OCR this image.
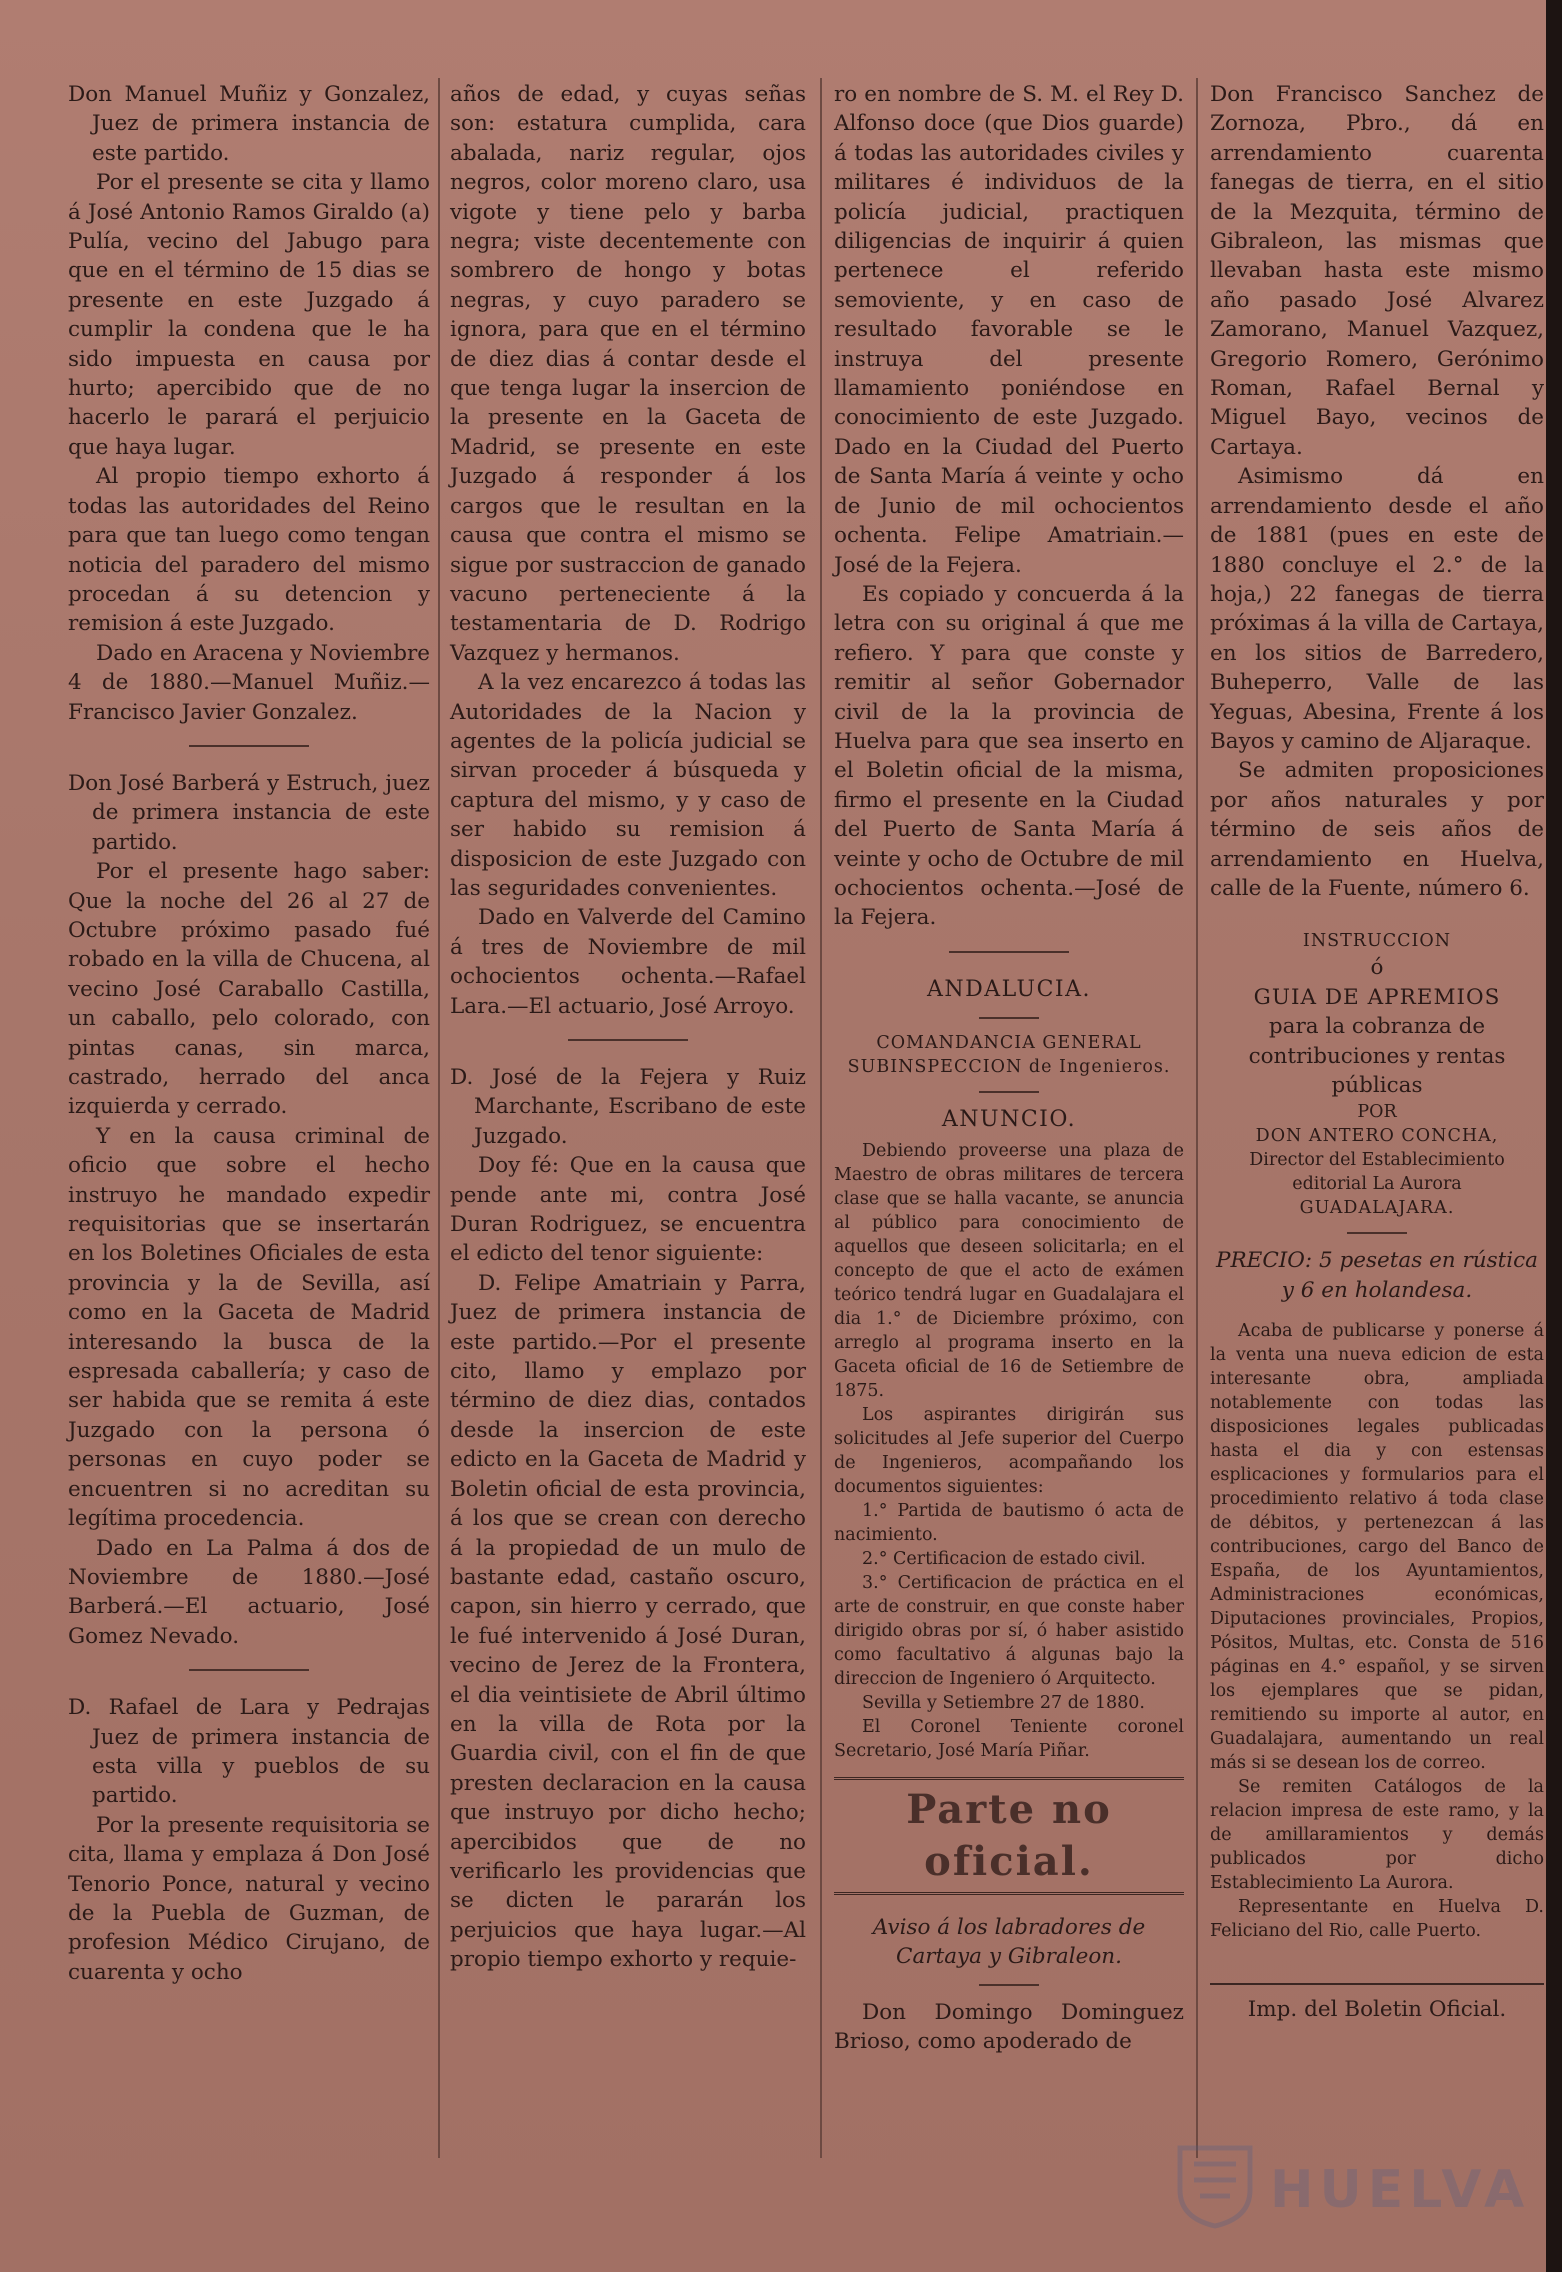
Don Manuel Muñiz y Gonzalez, Juez de primera instancia de este partido.

Por el presente se cita y llamo á José Antonio Ramos Giraldo (a) Pulía, vecino del Jabugo para que en el término de 15 dias se presente en este Juzgado á cumplir la condena que le ha sido impuesta en causa por hurto; apercibido que de no hacerlo le parará el perjuicio que haya lugar.

Al propio tiempo exhorto á todas las autoridades del Reino para que tan luego como tengan noticia del paradero del mismo procedan á su detencion y remision á este Juzgado.

Dado en Aracena y Noviembre 4 de 1880.—Manuel Muñiz.—Francisco Javier Gonzalez.

Don José Barberá y Estruch, juez de primera instancia de este partido.

Por el presente hago saber: Que la noche del 26 al 27 de Octubre próximo pasado fué robado en la villa de Chucena, al vecino José Caraballo Castilla, un caballo, pelo colorado, con pintas canas, sin marca, castrado, herrado del anca izquierda y cerrado.

Y en la causa criminal de oficio que sobre el hecho instruyo he mandado expedir requisitorias que se insertarán en los Boletines Oficiales de esta provincia y la de Sevilla, así como en la Gaceta de Madrid interesando la busca de la espresada caballería; y caso de ser habida que se remita á este Juzgado con la persona ó personas en cuyo poder se encuentren si no acreditan su legítima procedencia.

Dado en La Palma á dos de Noviembre de 1880.—José Barberá.—El actuario, José Gomez Nevado.

D. Rafael de Lara y Pedrajas Juez de primera instancia de esta villa y pueblos de su partido.

Por la presente requisitoria se cita, llama y emplaza á Don José Tenorio Ponce, natural y vecino de la Puebla de Guzman, de profesion Médico Cirujano, de cuarenta y ocho

años de edad, y cuyas señas son: estatura cumplida, cara abalada, nariz regular, ojos negros, color moreno claro, usa vigote y tiene pelo y barba negra; viste decentemente con sombrero de hongo y botas negras, y cuyo paradero se ignora, para que en el término de diez dias á contar desde el que tenga lugar la insercion de la presente en la Gaceta de Madrid, se presente en este Juzgado á responder á los cargos que le resultan en la causa que contra el mismo se sigue por sustraccion de ganado vacuno perteneciente á la testamentaria de D. Rodrigo Vazquez y hermanos.

A la vez encarezco á todas las Autoridades de la Nacion y agentes de la policía judicial se sirvan proceder á búsqueda y captura del mismo, y y caso de ser habido su remision á disposicion de este Juzgado con las seguridades convenientes.

Dado en Valverde del Camino á tres de Noviembre de mil ochocientos ochenta.—Rafael Lara.—El actuario, José Arroyo.

D. José de la Fejera y Ruiz Marchante, Escribano de este Juzgado.

Doy fé: Que en la causa que pende ante mi, contra José Duran Rodriguez, se encuentra el edicto del tenor siguiente:

D. Felipe Amatriain y Parra, Juez de primera instancia de este partido.—Por el presente cito, llamo y emplazo por término de diez dias, contados desde la insercion de este edicto en la Gaceta de Madrid y Boletin oficial de esta provincia, á los que se crean con derecho á la propiedad de un mulo de bastante edad, castaño oscuro, capon, sin hierro y cerrado, que le fué intervenido á José Duran, vecino de Jerez de la Frontera, el dia veintisiete de Abril último en la villa de Rota por la Guardia civil, con el fin de que presten declaracion en la causa que instruyo por dicho hecho; apercibidos que de no verificarlo les providencias que se dicten le pararán los perjuicios que haya lugar.—Al propio tiempo exhorto y requie-

ro en nombre de S. M. el Rey D. Alfonso doce (que Dios guarde) á todas las autoridades civiles y militares é individuos de la policía judicial, practiquen diligencias de inquirir á quien pertenece el referido semoviente, y en caso de resultado favorable se le instruya del presente llamamiento poniéndose en conocimiento de este Juzgado. Dado en la Ciudad del Puerto de Santa María á veinte y ocho de Junio de mil ochocientos ochenta. Felipe Amatriain.—José de la Fejera.

Es copiado y concuerda á la letra con su original á que me refiero. Y para que conste y remitir al señor Gobernador civil de la la provincia de Huelva para que sea inserto en el Boletin oficial de la misma, firmo el presente en la Ciudad del Puerto de Santa María á veinte y ocho de Octubre de mil ochocientos ochenta.—José de la Fejera.

ANDALUCIA.

COMANDANCIA GENERAL SUBINSPECCION de Ingenieros.

ANUNCIO.

Debiendo proveerse una plaza de Maestro de obras militares de tercera clase que se halla vacante, se anuncia al público para conocimiento de aquellos que deseen solicitarla; en el concepto de que el acto de exámen teórico tendrá lugar en Guadalajara el dia 1.° de Diciembre próximo, con arreglo al programa inserto en la Gaceta oficial de 16 de Setiembre de 1875.

Los aspirantes dirigirán sus solicitudes al Jefe superior del Cuerpo de Ingenieros, acompañando los documentos siguientes:

1.° Partida de bautismo ó acta de nacimiento.

2.° Certificacion de estado civil.

3.° Certificacion de práctica en el arte de construir, en que conste haber dirigido obras por sí, ó haber asistido como facultativo á algunas bajo la direccion de Ingeniero ó Arquitecto.

Sevilla y Setiembre 27 de 1880.

El Coronel Teniente coronel Secretario, José María Piñar.

Parte no oficial.

Aviso á los labradores de Cartaya y Gibraleon.

Don Domingo Dominguez Brioso, como apoderado de

Don Francisco Sanchez de Zornoza, Pbro., dá en arrendamiento cuarenta fanegas de tierra, en el sitio de la Mezquita, término de Gibraleon, las mismas que llevaban hasta este mismo año pasado José Alvarez Zamorano, Manuel Vazquez, Gregorio Romero, Gerónimo Roman, Rafael Bernal y Miguel Bayo, vecinos de Cartaya.

Asimismo dá en arrendamiento desde el año de 1881 (pues en este de 1880 concluye el 2.° de la hoja,) 22 fanegas de tierra próximas á la villa de Cartaya, en los sitios de Barredero, Buheperro, Valle de las Yeguas, Abesina, Frente á los Bayos y camino de Aljaraque.

Se admiten proposiciones por años naturales y por término de seis años de arrendamiento en Huelva, calle de la Fuente, número 6.

INSTRUCCION

ó

GUIA DE APREMIOS

para la cobranza de contribuciones y rentas públicas

POR

DON ANTERO CONCHA,

Director del Establecimiento editorial La Aurora

GUADALAJARA.

PRECIO: 5 pesetas en rústica y 6 en holandesa.

Acaba de publicarse y ponerse á la venta una nueva edicion de esta interesante obra, ampliada notablemente con todas las disposiciones legales publicadas hasta el dia y con estensas esplicaciones y formularios para el procedimiento relativo á toda clase de débitos, y pertenezcan á las contribuciones, cargo del Banco de España, de los Ayuntamientos, Administraciones económicas, Diputaciones provinciales, Propios, Pósitos, Multas, etc. Consta de 516 páginas en 4.° español, y se sirven los ejemplares que se pidan, remitiendo su importe al autor, en Guadalajara, aumentando un real más si se desean los de correo.

Se remiten Catálogos de la relacion impresa de este ramo, y la de amillaramientos y demás publicados por dicho Establecimiento La Aurora.

Representante en Huelva D. Feliciano del Rio, calle Puerto.

Imp. del Boletin Oficial.

HUELVA
